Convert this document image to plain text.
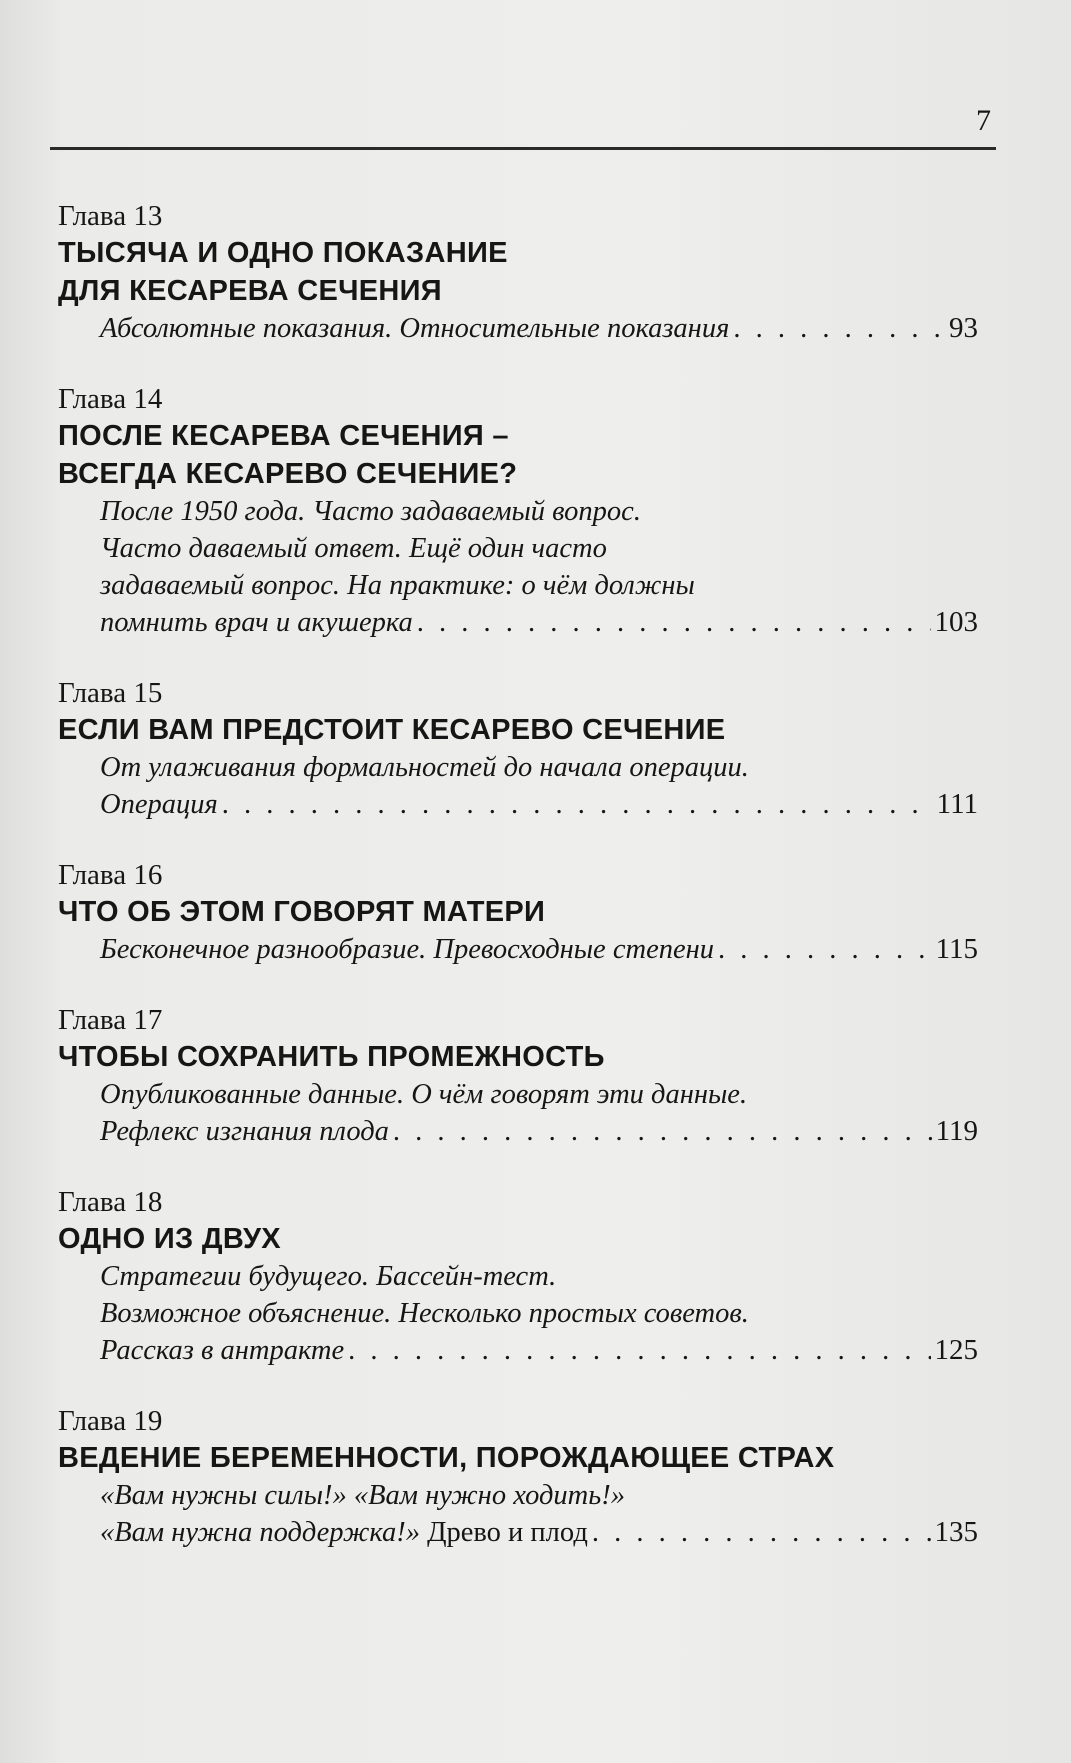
7

Глава 13

ТЫСЯЧА И ОДНО ПОКАЗАНИЕ

ДЛЯ КЕСАРЕВА СЕЧЕНИЯ

Абсолютные показания. Относительные показания . . .	93

Глава 14

ПОСЛЕ КЕСАРЕВА СЕЧЕНИЯ –

ВСЕГДА КЕСАРЕВО СЕЧЕНИЕ?

После 1950 года. Часто задаваемый вопрос.

Часто даваемый ответ. Ещё один часто

задаваемый вопрос. На практике: о чём должны

помнить врач и акушерка . . .	103

Глава 15

ЕСЛИ ВАМ ПРЕДСТОИТ КЕСАРЕВО СЕЧЕНИЕ

От улаживания формальностей до начала операции.

Операция . . .	111

Глава 16

ЧТО ОБ ЭТОМ ГОВОРЯТ МАТЕРИ

Бесконечное разнообразие. Превосходные степени . . .	115

Глава 17

ЧТОБЫ СОХРАНИТЬ ПРОМЕЖНОСТЬ

Опубликованные данные. О чём говорят эти данные.

Рефлекс изгнания плода . . .	119

Глава 18

ОДНО ИЗ ДВУХ

Стратегии будущего. Бассейн-тест.

Возможное объяснение. Несколько простых советов.

Рассказ в антракте . . .	125

Глава 19

ВЕДЕНИЕ БЕРЕМЕННОСТИ, ПОРОЖДАЮЩЕЕ СТРАХ

«Вам нужны силы!» «Вам нужно ходить!»

«Вам нужна поддержка!» Древо и плод . . .	135
